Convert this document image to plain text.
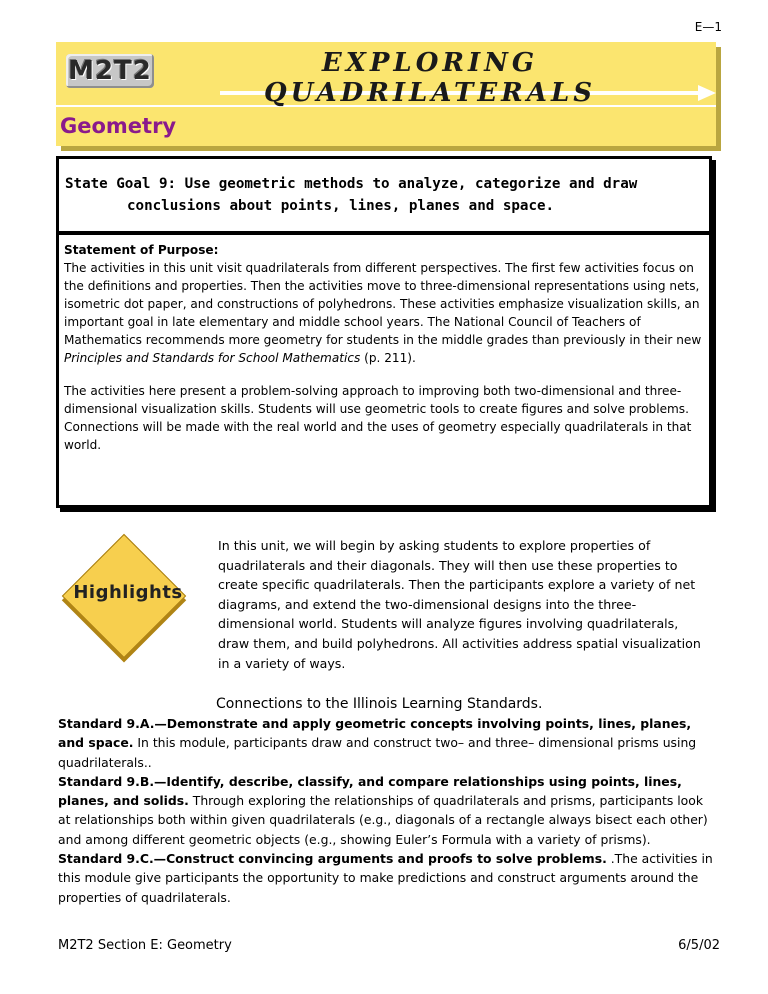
E—1
M2T2	EXPLORING QUADRILATERALS
Geometry
State Goal 9: Use geometric methods to analyze, categorize and draw conclusions about points, lines, planes and space.
Statement of Purpose:

The activities in this unit visit quadrilaterals from different perspectives. The first few activities focus on the definitions and properties. Then the activities move to three-dimensional representations using nets, isometric dot paper, and constructions of polyhedrons. These activities emphasize visualization skills, an important goal in late elementary and middle school years. The National Council of Teachers of Mathematics recommends more geometry for students in the middle grades than previously in their new Principles and Standards for School Mathematics (p. 211).

The activities here present a problem-solving approach to improving both two-dimensional and three-dimensional visualization skills. Students will use geometric tools to create figures and solve problems. Connections will be made with the real world and the uses of geometry especially quadrilaterals in that world.

Highlights
In this unit, we will begin by asking students to explore properties of quadrilaterals and their diagonals. They will then use these properties to create specific quadrilaterals. Then the participants explore a variety of net diagrams, and extend the two-dimensional designs into the three-dimensional world. Students will analyze figures involving quadrilaterals, draw them, and build polyhedrons. All activities address spatial visualization in a variety of ways.
Connections to the Illinois Learning Standards.
Standard 9.A.—Demonstrate and apply geometric concepts involving points, lines, planes, and space. In this module, participants draw and construct two– and three– dimensional prisms using quadrilaterals..
Standard 9.B.—Identify, describe, classify, and compare relationships using points, lines, planes, and solids. Through exploring the relationships of quadrilaterals and prisms, participants look at relationships both within given quadrilaterals (e.g., diagonals of a rectangle always bisect each other) and among different geometric objects (e.g., showing Euler’s Formula with a variety of prisms).
Standard 9.C.—Construct convincing arguments and proofs to solve problems. .The activities in this module give participants the opportunity to make predictions and construct arguments around the properties of quadrilaterals.
M2T2 Section E: Geometry	6/5/02
